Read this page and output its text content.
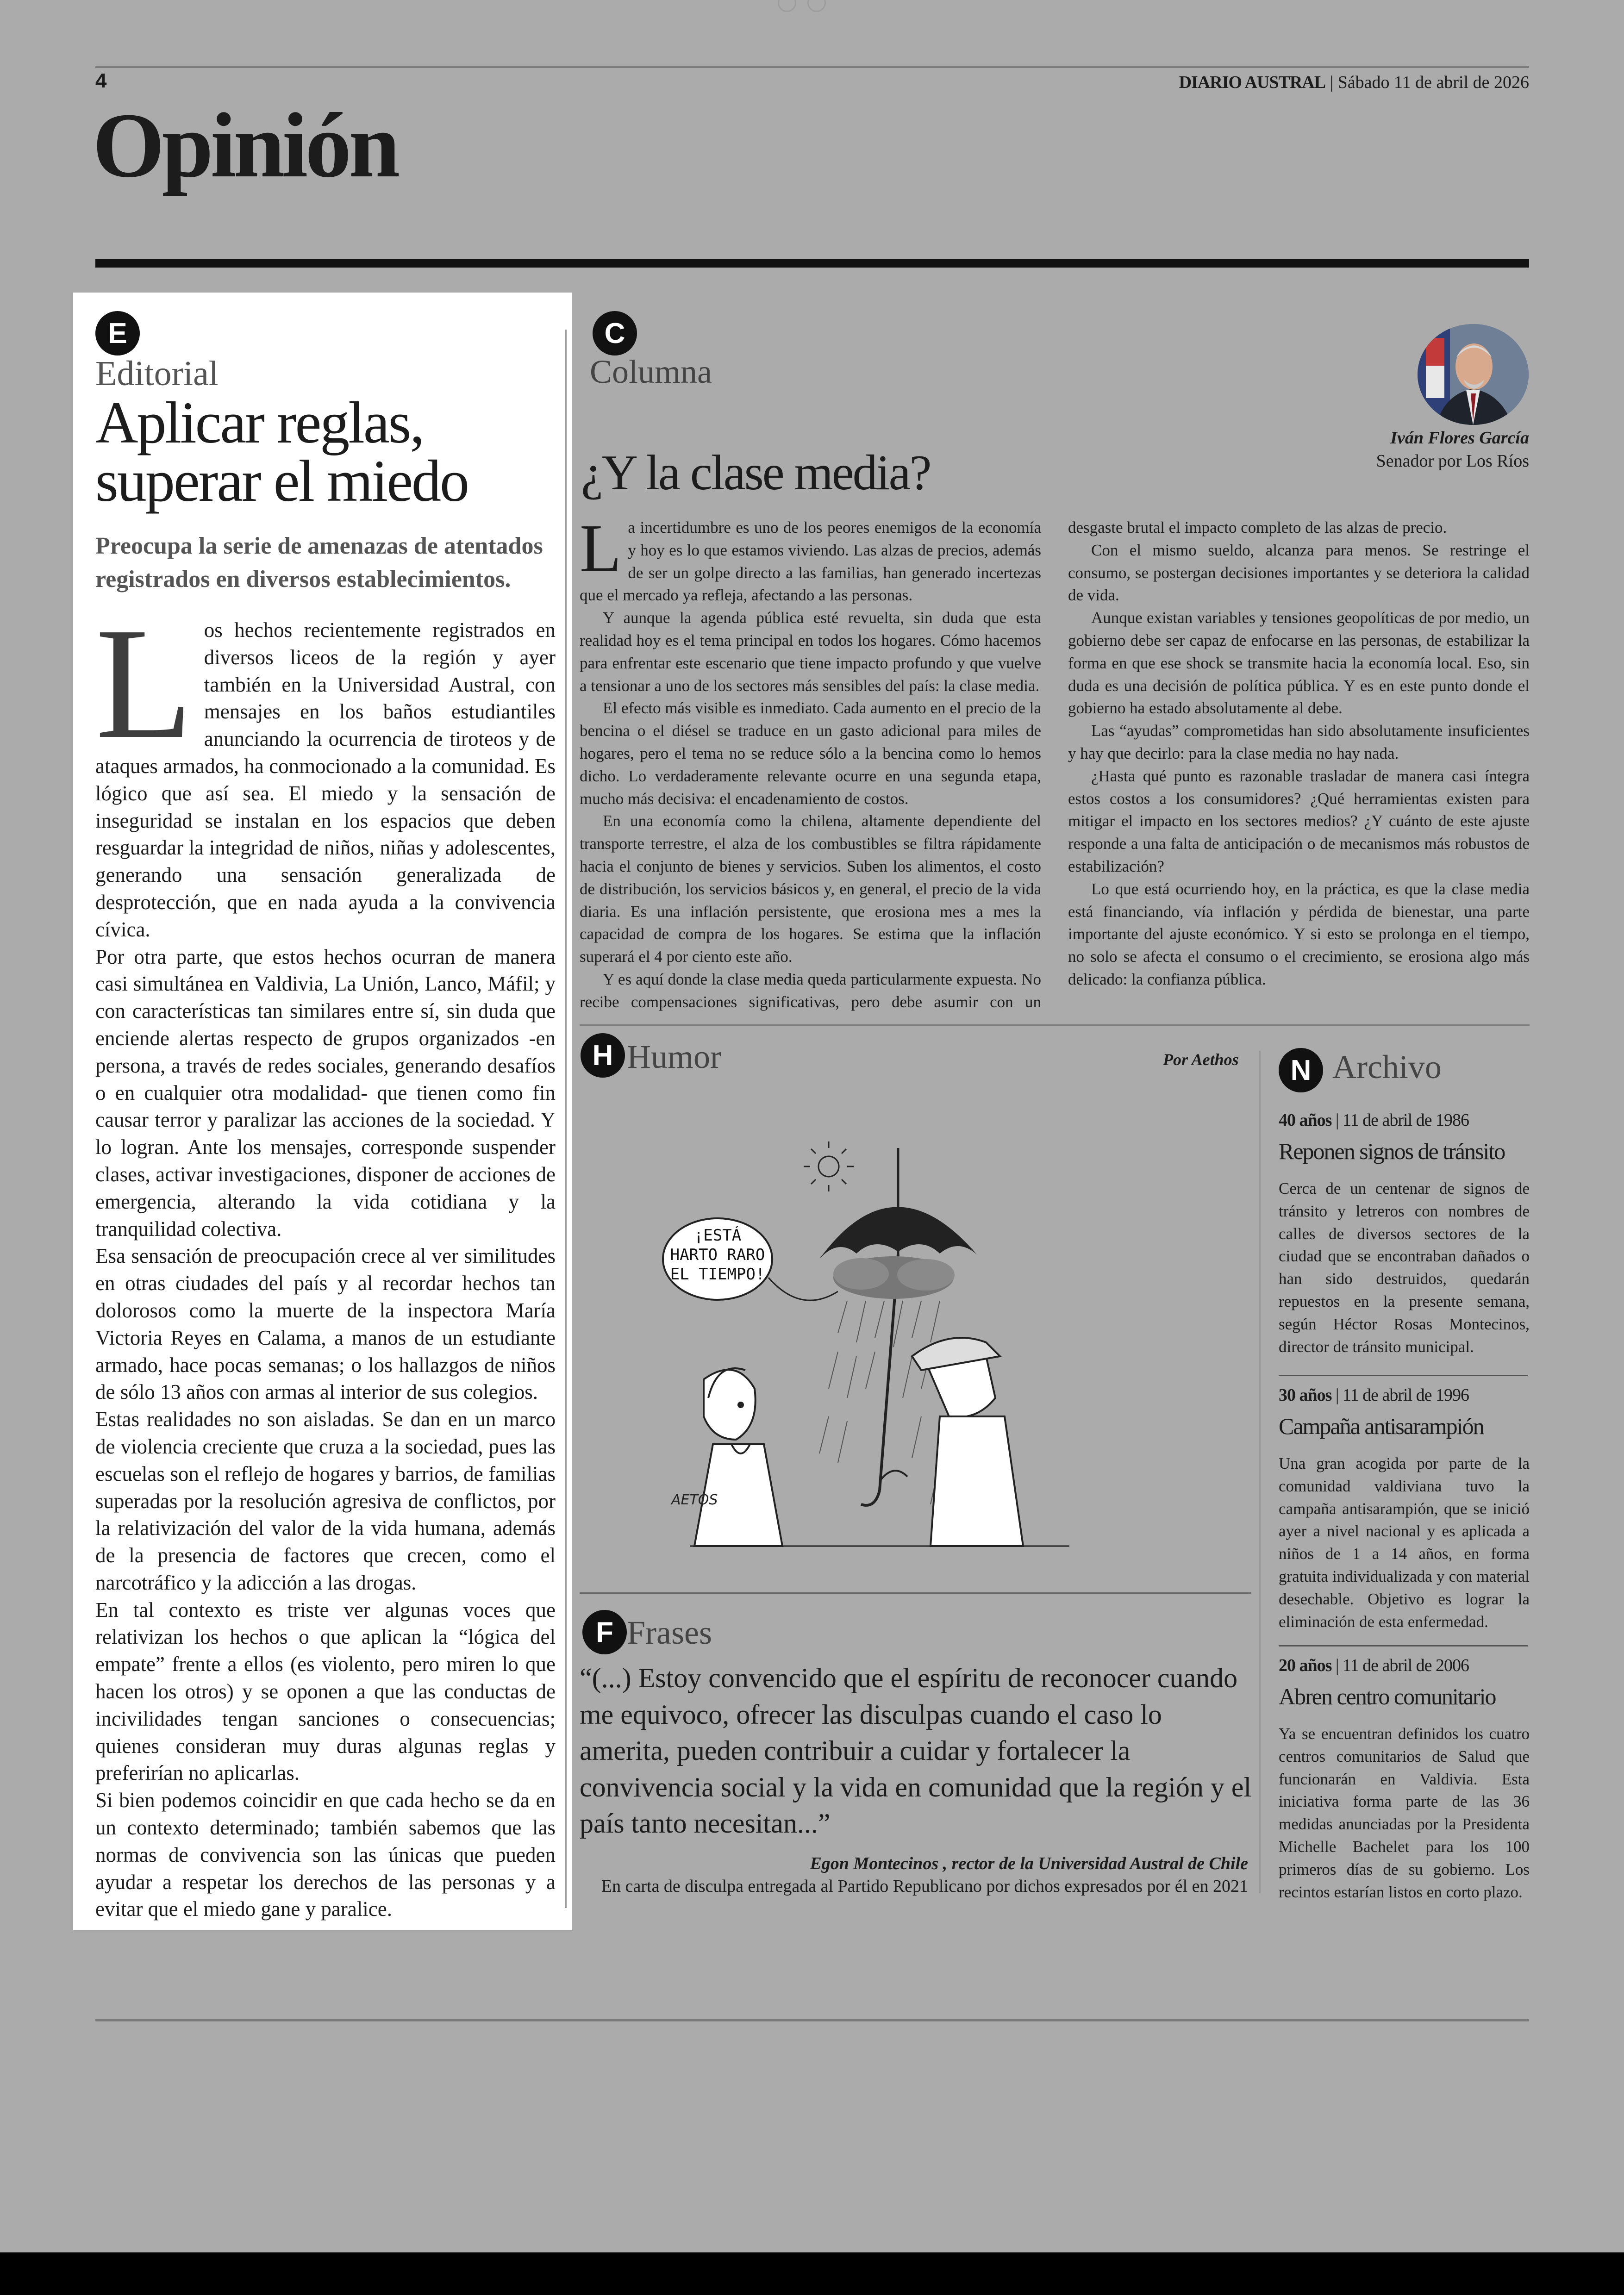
4	DIARIO AUSTRAL | Sábado 11 de abril de 2026
Opinión
E
Editorial
Aplicar reglas, superar el miedo
Preocupa la serie de amenazas de atentados registrados en diversos establecimientos.

Los hechos recientemente registrados en diversos liceos de la región y ayer también en la Universidad Austral, con mensajes en los baños estudiantiles anunciando la ocurrencia de tiroteos y de ataques armados, ha conmocionado a la comunidad. Es lógico que así sea. El miedo y la sensación de inseguridad se instalan en los espacios que deben resguardar la integridad de niños, niñas y adolescentes, generando una sensación generalizada de desprotección, que en nada ayuda a la convivencia cívica.

Por otra parte, que estos hechos ocurran de manera casi simultánea en Valdivia, La Unión, Lanco, Máfil; y con características tan similares entre sí, sin duda que enciende alertas respecto de grupos organizados -en persona, a través de redes sociales, generando desafíos o en cualquier otra modalidad- que tienen como fin causar terror y paralizar las acciones de la sociedad. Y lo logran. Ante los mensajes, corresponde suspender clases, activar investigaciones, disponer de acciones de emergencia, alterando la vida cotidiana y la tranquilidad colectiva.

Esa sensación de preocupación crece al ver similitudes en otras ciudades del país y al recordar hechos tan dolorosos como la muerte de la inspectora María Victoria Reyes en Calama, a manos de un estudiante armado, hace pocas semanas; o los hallazgos de niños de sólo 13 años con armas al interior de sus colegios.

Estas realidades no son aisladas. Se dan en un marco de violencia creciente que cruza a la sociedad, pues las escuelas son el reflejo de hogares y barrios, de familias superadas por la resolución agresiva de conflictos, por la relativización del valor de la vida humana, además de la presencia de factores que crecen, como el narcotráfico y la adicción a las drogas.

En tal contexto es triste ver algunas voces que relativizan los hechos o que aplican la “lógica del empate” frente a ellos (es violento, pero miren lo que hacen los otros) y se oponen a que las conductas de incivilidades tengan sanciones o consecuencias; quienes consideran muy duras algunas reglas y preferirían no aplicarlas.

Si bien podemos coincidir en que cada hecho se da en un contexto determinado; también sabemos que las normas de convivencia son las únicas que pueden ayudar a respetar los derechos de las personas y a evitar que el miedo gane y paralice.

C
Columna
¿Y la clase media?
Iván Flores García
Senador por Los Ríos

La incertidumbre es uno de los peores enemigos de la economía y hoy es lo que estamos viviendo. Las alzas de precios, además de ser un golpe directo a las familias, han generado incertezas que el mercado ya refleja, afectando a las personas.

Y aunque la agenda pública esté revuelta, sin duda que esta realidad hoy es el tema principal en todos los hogares. Cómo hacemos para enfrentar este escenario que tiene impacto profundo y que vuelve a tensionar a uno de los sectores más sensibles del país: la clase media.

El efecto más visible es inmediato. Cada aumento en el precio de la bencina o el diésel se traduce en un gasto adicional para miles de hogares, pero el tema no se reduce sólo a la bencina como lo hemos dicho. Lo verdaderamente relevante ocurre en una segunda etapa, mucho más decisiva: el encadenamiento de costos.

En una economía como la chilena, altamente dependiente del transporte terrestre, el alza de los combustibles se filtra rápidamente hacia el conjunto de bienes y servicios. Suben los alimentos, el costo de distribución, los servicios básicos y, en general, el precio de la vida diaria. Es una inflación persistente, que erosiona mes a mes la capacidad de compra de los hogares. Se estima que la inflación superará el 4 por ciento este año.

Y es aquí donde la clase media queda particularmente expuesta. No recibe compensaciones significativas, pero debe asumir con un desgaste brutal el impacto completo de las alzas de precio.

Con el mismo sueldo, alcanza para menos. Se restringe el consumo, se postergan decisiones importantes y se deteriora la calidad de vida.

Aunque existan variables y tensiones geopolíticas de por medio, un gobierno debe ser capaz de enfocarse en las personas, de estabilizar la forma en que ese shock se transmite hacia la economía local. Eso, sin duda es una decisión de política pública. Y es en este punto donde el gobierno ha estado absolutamente al debe.

Las “ayudas” comprometidas han sido absolutamente insuficientes y hay que decirlo: para la clase media no hay nada.

¿Hasta qué punto es razonable trasladar de manera casi íntegra estos costos a los consumidores? ¿Qué herramientas existen para mitigar el impacto en los sectores medios? ¿Y cuánto de este ajuste responde a una falta de anticipación o de mecanismos más robustos de estabilización?

Lo que está ocurriendo hoy, en la práctica, es que la clase media está financiando, vía inflación y pérdida de bienestar, una parte importante del ajuste económico. Y si esto se prolonga en el tiempo, no solo se afecta el consumo o el crecimiento, se erosiona algo más delicado: la confianza pública.

H Humor	Por Aethos
¡ESTÁ
HARTO RARO
EL TIEMPO!
AETOS
F Frases
“(...) Estoy convencido que el espíritu de reconocer cuando me equivoco, ofrecer las disculpas cuando el caso lo amerita, pueden contribuir a cuidar y fortalecer la convivencia social y la vida en comunidad que la región y el país tanto necesitan...”
Egon Montecinos , rector de la Universidad Austral de Chile
En carta de disculpa entregada al Partido Republicano por dichos expresados por él en 2021
N Archivo
40 años | 11 de abril de 1986
Reponen signos de tránsito
Cerca de un centenar de signos de tránsito y letreros con nombres de calles de diversos sectores de la ciudad que se encontraban dañados o han sido destruidos, quedarán repuestos en la presente semana, según Héctor Rosas Montecinos, director de tránsito municipal.
30 años | 11 de abril de 1996
Campaña antisarampión
Una gran acogida por parte de la comunidad valdiviana tuvo la campaña antisarampión, que se inició ayer a nivel nacional y es aplicada a niños de 1 a 14 años, en forma gratuita individualizada y con material desechable. Objetivo es lograr la eliminación de esta enfermedad.
20 años | 11 de abril de 2006
Abren centro comunitario
Ya se encuentran definidos los cuatro centros comunitarios de Salud que funcionarán en Valdivia. Esta iniciativa forma parte de las 36 medidas anunciadas por la Presidenta Michelle Bachelet para los 100 primeros días de su gobierno. Los recintos estarían listos en corto plazo.
